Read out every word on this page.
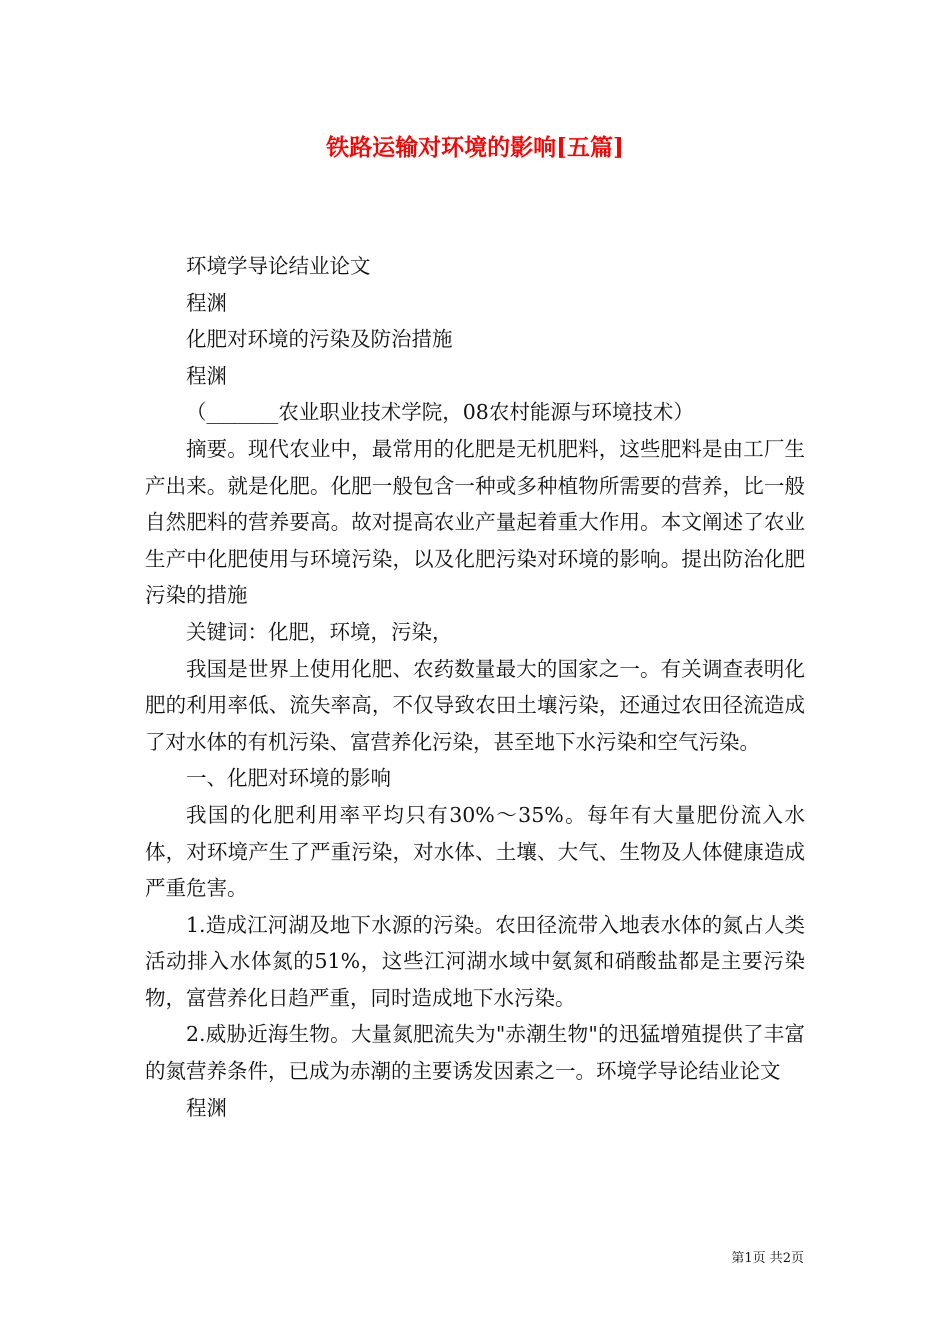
铁路运输对环境的影响[五篇]

环境学导论结业论文

程渊

化肥对环境的污染及防治措施

程渊

（_______农业职业技术学院，08农村能源与环境技术）

摘要。现代农业中，最常用的化肥是无机肥料，这些肥料是由工厂生产出来。就是化肥。化肥一般包含一种或多种植物所需要的营养，比一般自然肥料的营养要高。故对提高农业产量起着重大作用。本文阐述了农业生产中化肥使用与环境污染，以及化肥污染对环境的影响。提出防治化肥污染的措施

关键词：化肥，环境，污染，

我国是世界上使用化肥、农药数量最大的国家之一。有关调查表明化肥的利用率低、流失率高，不仅导致农田土壤污染，还通过农田径流造成了对水体的有机污染、富营养化污染，甚至地下水污染和空气污染。

一、化肥对环境的影响

我国的化肥利用率平均只有30%～35%。每年有大量肥份流入水体，对环境产生了严重污染，对水体、土壤、大气、生物及人体健康造成严重危害。

1.造成江河湖及地下水源的污染。农田径流带入地表水体的氮占人类活动排入水体氮的51%，这些江河湖水域中氨氮和硝酸盐都是主要污染物，富营养化日趋严重，同时造成地下水污染。

2.威胁近海生物。大量氮肥流失为"赤潮生物"的迅猛增殖提供了丰富的氮营养条件，已成为赤潮的主要诱发因素之一。环境学导论结业论文

程渊

第1页 共2页
